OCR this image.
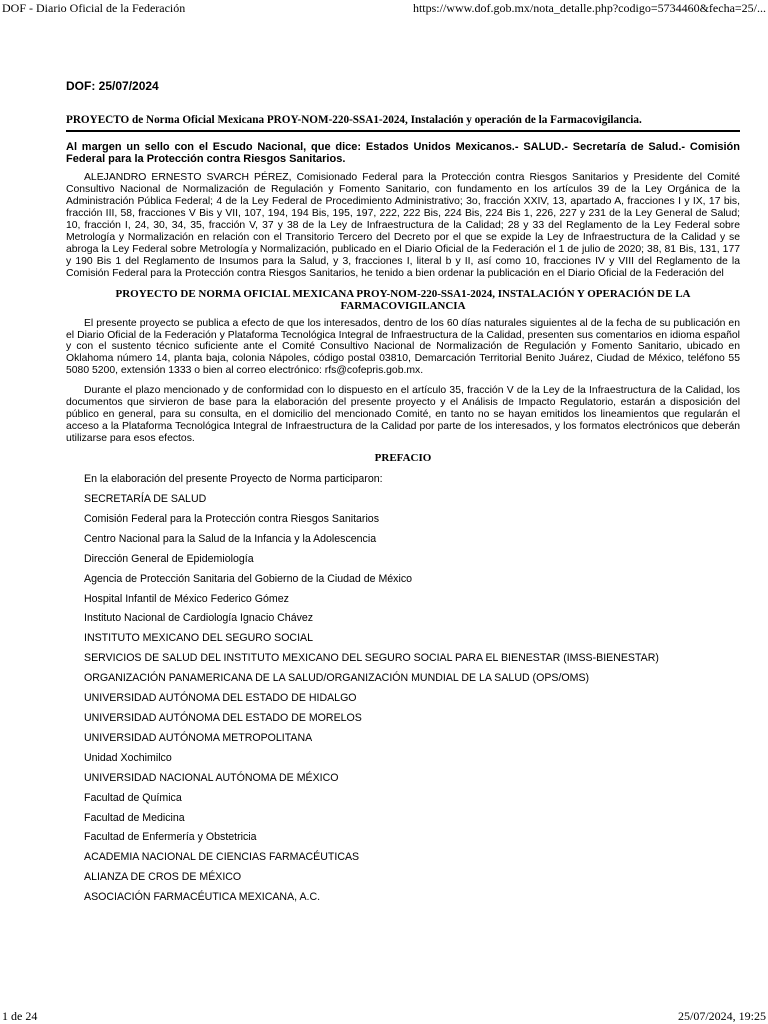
DOF - Diario Oficial de la Federación	https://www.dof.gob.mx/nota_detalle.php?codigo=5734460&fecha=25/...
DOF: 25/07/2024
PROYECTO de Norma Oficial Mexicana PROY-NOM-220-SSA1-2024, Instalación y operación de la Farmacovigilancia.

Al margen un sello con el Escudo Nacional, que dice: Estados Unidos Mexicanos.- SALUD.- Secretaría de Salud.- Comisión Federal para la Protección contra Riesgos Sanitarios.

ALEJANDRO ERNESTO SVARCH PÉREZ, Comisionado Federal para la Protección contra Riesgos Sanitarios y Presidente del Comité Consultivo Nacional de Normalización de Regulación y Fomento Sanitario, con fundamento en los artículos 39 de la Ley Orgánica de la Administración Pública Federal; 4 de la Ley Federal de Procedimiento Administrativo; 3o, fracción XXIV, 13, apartado A, fracciones I y IX, 17 bis, fracción III, 58, fracciones V Bis y VII, 107, 194, 194 Bis, 195, 197, 222, 222 Bis, 224 Bis, 224 Bis 1, 226, 227 y 231 de la Ley General de Salud; 10, fracción I, 24, 30, 34, 35, fracción V, 37 y 38 de la Ley de Infraestructura de la Calidad; 28 y 33 del Reglamento de la Ley Federal sobre Metrología y Normalización en relación con el Transitorio Tercero del Decreto por el que se expide la Ley de Infraestructura de la Calidad y se abroga la Ley Federal sobre Metrología y Normalización, publicado en el Diario Oficial de la Federación el 1 de julio de 2020; 38, 81 Bis, 131, 177 y 190 Bis 1 del Reglamento de Insumos para la Salud, y 3, fracciones I, literal b y II, así como 10, fracciones IV y VIII del Reglamento de la Comisión Federal para la Protección contra Riesgos Sanitarios, he tenido a bien ordenar la publicación en el Diario Oficial de la Federación del

PROYECTO DE NORMA OFICIAL MEXICANA PROY-NOM-220-SSA1-2024, INSTALACIÓN Y OPERACIÓN DE LA FARMACOVIGILANCIA

El presente proyecto se publica a efecto de que los interesados, dentro de los 60 días naturales siguientes al de la fecha de su publicación en el Diario Oficial de la Federación y Plataforma Tecnológica Integral de Infraestructura de la Calidad, presenten sus comentarios en idioma español y con el sustento técnico suficiente ante el Comité Consultivo Nacional de Normalización de Regulación y Fomento Sanitario, ubicado en Oklahoma número 14, planta baja, colonia Nápoles, código postal 03810, Demarcación Territorial Benito Juárez, Ciudad de México, teléfono 55 5080 5200, extensión 1333 o bien al correo electrónico: rfs@cofepris.gob.mx.

Durante el plazo mencionado y de conformidad con lo dispuesto en el artículo 35, fracción V de la Ley de la Infraestructura de la Calidad, los documentos que sirvieron de base para la elaboración del presente proyecto y el Análisis de Impacto Regulatorio, estarán a disposición del público en general, para su consulta, en el domicilio del mencionado Comité, en tanto no se hayan emitidos los lineamientos que regularán el acceso a la Plataforma Tecnológica Integral de Infraestructura de la Calidad por parte de los interesados, y los formatos electrónicos que deberán utilizarse para esos efectos.

PREFACIO
En la elaboración del presente Proyecto de Norma participaron:
SECRETARÍA DE SALUD
Comisión Federal para la Protección contra Riesgos Sanitarios
Centro Nacional para la Salud de la Infancia y la Adolescencia
Dirección General de Epidemiología
Agencia de Protección Sanitaria del Gobierno de la Ciudad de México
Hospital Infantil de México Federico Gómez
Instituto Nacional de Cardiología Ignacio Chávez
INSTITUTO MEXICANO DEL SEGURO SOCIAL
SERVICIOS DE SALUD DEL INSTITUTO MEXICANO DEL SEGURO SOCIAL PARA EL BIENESTAR (IMSS-BIENESTAR)
ORGANIZACIÓN PANAMERICANA DE LA SALUD/ORGANIZACIÓN MUNDIAL DE LA SALUD (OPS/OMS)
UNIVERSIDAD AUTÓNOMA DEL ESTADO DE HIDALGO
UNIVERSIDAD AUTÓNOMA DEL ESTADO DE MORELOS
UNIVERSIDAD AUTÓNOMA METROPOLITANA
Unidad Xochimilco
UNIVERSIDAD NACIONAL AUTÓNOMA DE MÉXICO
Facultad de Química
Facultad de Medicina
Facultad de Enfermería y Obstetricia
ACADEMIA NACIONAL DE CIENCIAS FARMACÉUTICAS
ALIANZA DE CROS DE MÉXICO
ASOCIACIÓN FARMACÉUTICA MEXICANA, A.C.
1 de 24	25/07/2024, 19:25
